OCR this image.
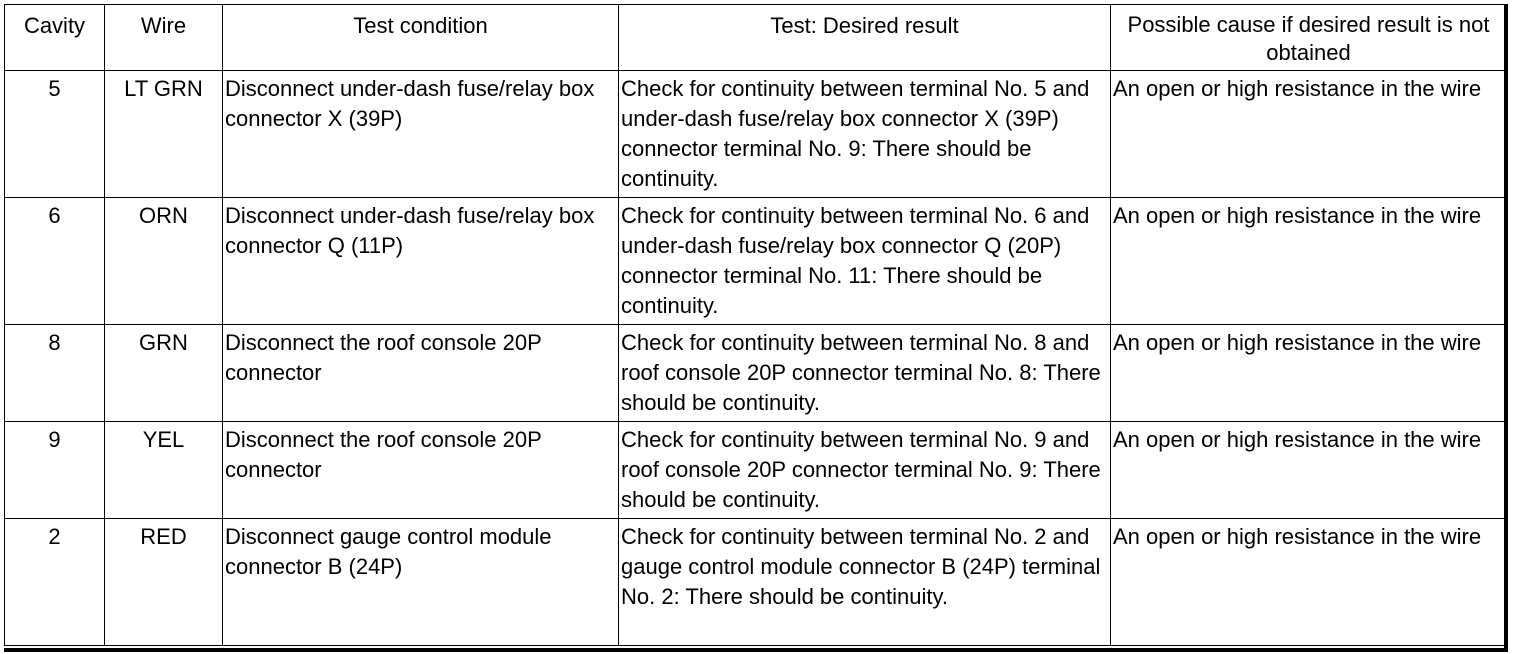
Cavity	Wire	Test condition	Test: Desired result	Possible cause if desired result is not obtained
5	LT GRN	Disconnect under-dash fuse/relay box connector X (39P)	Check for continuity between terminal No. 5 and under-dash fuse/relay box connector X (39P) connector terminal No. 9: There should be continuity.	An open or high resistance in the wire
6	ORN	Disconnect under-dash fuse/relay box connector Q (11P)	Check for continuity between terminal No. 6 and under-dash fuse/relay box connector Q (20P) connector terminal No. 11: There should be continuity.	An open or high resistance in the wire
8	GRN	Disconnect the roof console 20P connector	Check for continuity between terminal No. 8 and roof console 20P connector terminal No. 8: There should be continuity.	An open or high resistance in the wire
9	YEL	Disconnect the roof console 20P connector	Check for continuity between terminal No. 9 and roof console 20P connector terminal No. 9: There should be continuity.	An open or high resistance in the wire
2	RED	Disconnect gauge control module connector B (24P)	Check for continuity between terminal No. 2 and gauge control module connector B (24P) terminal No. 2: There should be continuity.	An open or high resistance in the wire
